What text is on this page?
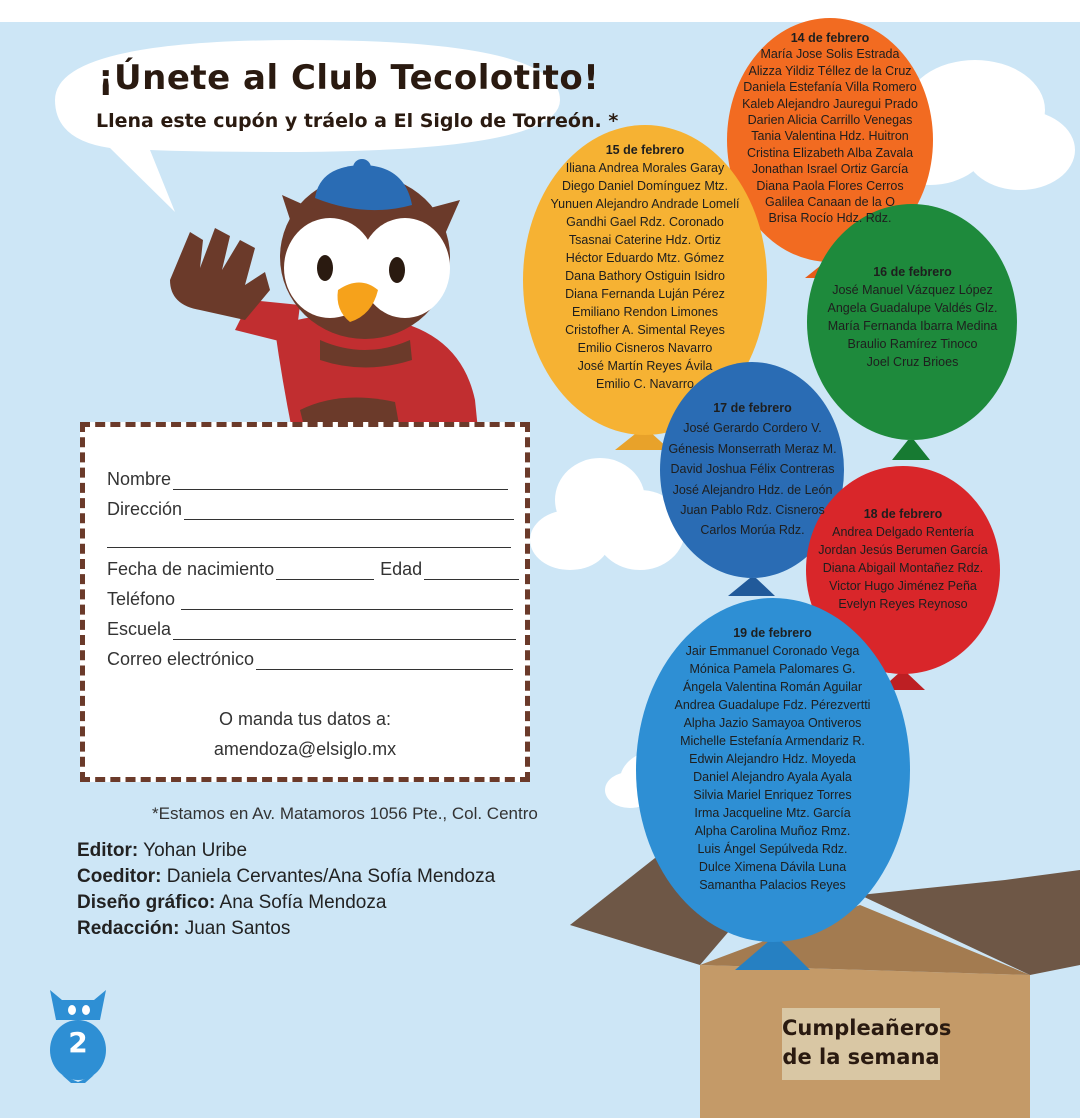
¡Únete al Club Tecolotito!
Llena este cupón y tráelo a El Siglo de Torreón. *
Nombre
Dirección
Fecha de nacimiento	Edad
Teléfono
Escuela
Correo electrónico
O manda tus datos a:
amendoza@elsiglo.mx
*Estamos en Av. Matamoros 1056 Pte., Col. Centro
Editor: Yohan Uribe
Coeditor: Daniela Cervantes/Ana Sofía Mendoza
Diseño gráfico: Ana Sofía Mendoza
Redacción: Juan Santos
14 de febrero
María Jose Solis Estrada
Alizza Yildiz Téllez de la Cruz
Daniela Estefanía Villa Romero
Kaleb Alejandro Jauregui Prado
Darien Alicia Carrillo Venegas
Tania Valentina Hdz. Huitron
Cristina Elizabeth Alba Zavala
Jonathan Israel Ortiz García
Diana Paola Flores Cerros
Galilea Canaan de la O
Brisa Rocío Hdz. Rdz.
15 de febrero
Iliana Andrea Morales Garay
Diego Daniel Domínguez Mtz.
Yunuen Alejandro Andrade Lomelí
Gandhi Gael Rdz. Coronado
Tsasnai Caterine Hdz. Ortiz
Héctor Eduardo Mtz. Gómez
Dana Bathory Ostiguin Isidro
Diana Fernanda Luján Pérez
Emiliano Rendon Limones
Cristofher A. Simental Reyes
Emilio Cisneros Navarro
José Martín Reyes Ávila
Emilio C. Navarro
16 de febrero
José Manuel Vázquez López
Angela Guadalupe Valdés Glz.
María Fernanda Ibarra Medina
Braulio Ramírez Tinoco
Joel Cruz Brioes
17 de febrero
José Gerardo Cordero V.
Génesis Monserrath Meraz M.
David Joshua Félix Contreras
José Alejandro Hdz. de León
Juan Pablo Rdz. Cisneros
Carlos Morúa Rdz.
18 de febrero
Andrea Delgado Rentería
Jordan Jesús Berumen García
Diana Abigail Montañez Rdz.
Victor Hugo Jiménez Peña
Evelyn Reyes Reynoso
19 de febrero
Jair Emmanuel Coronado Vega
Mónica Pamela Palomares G.
Ángela Valentina Román Aguilar
Andrea Guadalupe Fdz. Pérezvertti
Alpha Jazio Samayoa Ontiveros
Michelle Estefanía Armendariz R.
Edwin Alejandro Hdz. Moyeda
Daniel Alejandro Ayala Ayala
Silvia Mariel Enriquez Torres
Irma Jacqueline Mtz. García
Alpha Carolina Muñoz Rmz.
Luis Ángel Sepúlveda Rdz.
Dulce Ximena Dávila Luna
Samantha Palacios Reyes
Cumpleañeros
de la semana
2
